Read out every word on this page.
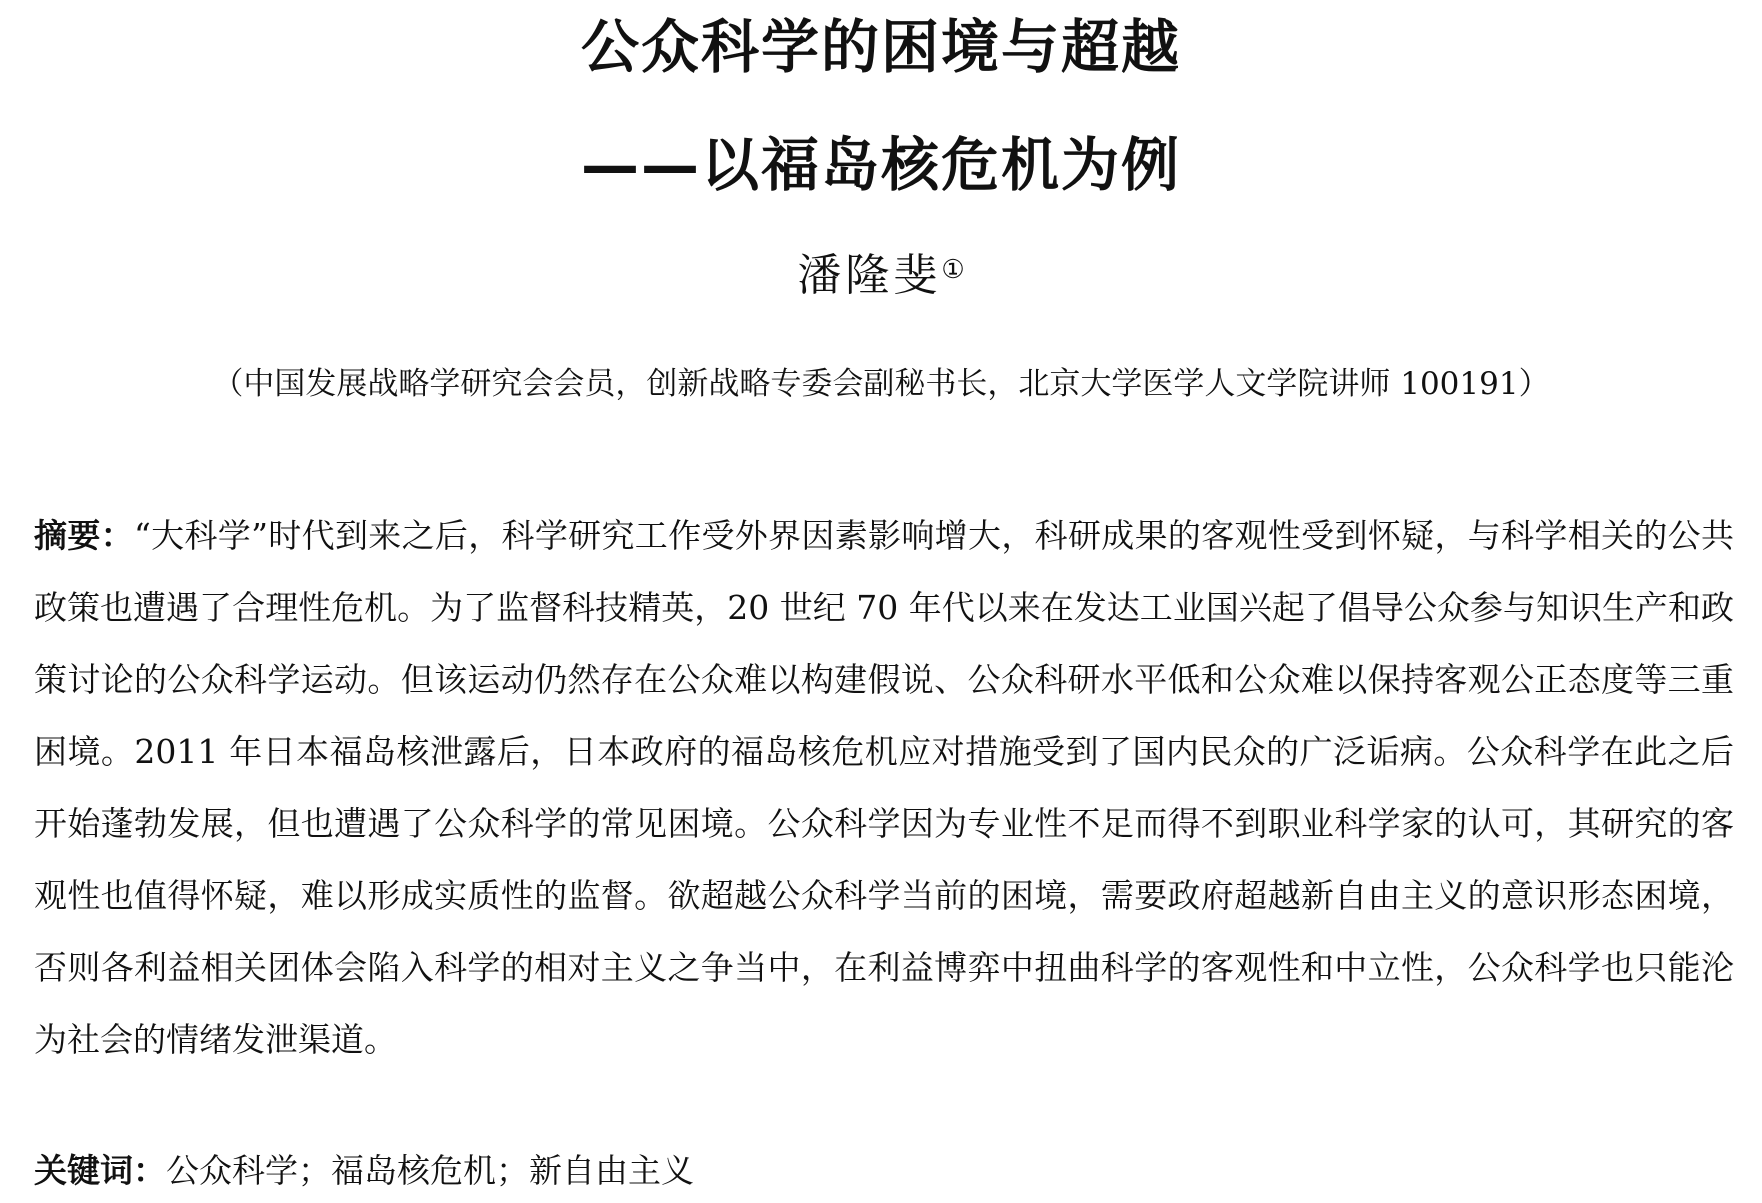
公众科学的困境与超越
——以福岛核危机为例
潘隆斐①
（中国发展战略学研究会会员，创新战略专委会副秘书长，北京大学医学人文学院讲师 100191）

摘要：“大科学”时代到来之后，科学研究工作受外界因素影响增大，科研成果的客观性受到怀疑，与科学相关的公共政策也遭遇了合理性危机。为了监督科技精英，20 世纪 70 年代以来在发达工业国兴起了倡导公众参与知识生产和政策讨论的公众科学运动。但该运动仍然存在公众难以构建假说、公众科研水平低和公众难以保持客观公正态度等三重困境。2011 年日本福岛核泄露后，日本政府的福岛核危机应对措施受到了国内民众的广泛诟病。公众科学在此之后开始蓬勃发展，但也遭遇了公众科学的常见困境。公众科学因为专业性不足而得不到职业科学家的认可，其研究的客观性也值得怀疑，难以形成实质性的监督。欲超越公众科学当前的困境，需要政府超越新自由主义的意识形态困境，否则各利益相关团体会陷入科学的相对主义之争当中，在利益博弈中扭曲科学的客观性和中立性，公众科学也只能沦为社会的情绪发泄渠道。

关键词：公众科学；福岛核危机；新自由主义
